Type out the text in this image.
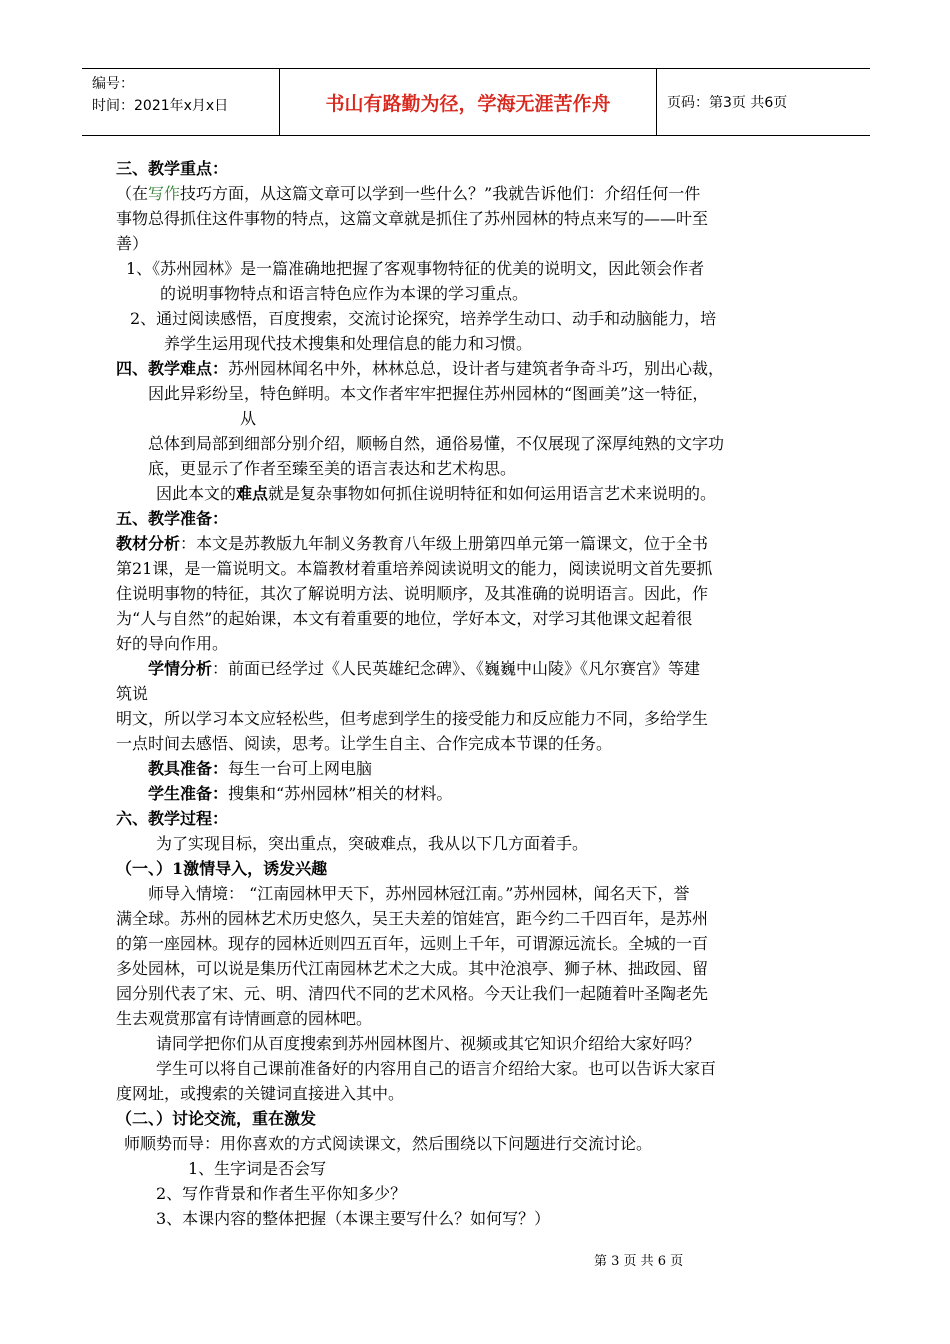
编号：
时间：2021年x月x日	书山有路勤为径，学海无涯苦作舟	页码：第3页 共6页

三、教学重点：

（在写作技巧方面，从这篇文章可以学到一些什么？”我就告诉他们：介绍任何一件

事物总得抓住这件事物的特点，这篇文章就是抓住了苏州园林的特点来写的——叶至

善）

1、《苏州园林》是一篇准确地把握了客观事物特征的优美的说明文，因此领会作者
的说明事物特点和语言特色应作为本课的学习重点。

2、通过阅读感悟，百度搜索，交流讨论探究，培养学生动口、动手和动脑能力，培
养学生运用现代技术搜集和处理信息的能力和习惯。

四、教学难点：苏州园林闻名中外，林林总总，设计者与建筑者争奇斗巧，别出心裁，

因此异彩纷呈，特色鲜明。本文作者牢牢把握住苏州园林的“图画美”这一特征，

从

总体到局部到细部分别介绍，顺畅自然，通俗易懂，不仅展现了深厚纯熟的文字功

底，更显示了作者至臻至美的语言表达和艺术构思。

因此本文的难点就是复杂事物如何抓住说明特征和如何运用语言艺术来说明的。

五、教学准备：

教材分析：本文是苏教版九年制义务教育八年级上册第四单元第一篇课文，位于全书

第21课，是一篇说明文。本篇教材着重培养阅读说明文的能力，阅读说明文首先要抓

住说明事物的特征，其次了解说明方法、说明顺序，及其准确的说明语言。因此，作

为“人与自然”的起始课，本文有着重要的地位，学好本文，对学习其他课文起着很

好的导向作用。

学情分析：前面已经学过《人民英雄纪念碑》、《巍巍中山陵》《凡尔赛宫》等建

筑说

明文，所以学习本文应轻松些，但考虑到学生的接受能力和反应能力不同，多给学生

一点时间去感悟、阅读，思考。让学生自主、合作完成本节课的任务。

教具准备：每生一台可上网电脑

学生准备：搜集和“苏州园林”相关的材料。

六、教学过程：

为了实现目标，突出重点，突破难点，我从以下几方面着手。

（一、）1激情导入，诱发兴趣

师导入情境： “江南园林甲天下，苏州园林冠江南。”苏州园林，闻名天下，誉

满全球。苏州的园林艺术历史悠久，吴王夫差的馆娃宫，距今约二千四百年，是苏州

的第一座园林。现存的园林近则四五百年，远则上千年，可谓源远流长。全城的一百

多处园林，可以说是集历代江南园林艺术之大成。其中沧浪亭、狮子林、拙政园、留

园分别代表了宋、元、明、清四代不同的艺术风格。今天让我们一起随着叶圣陶老先

生去观赏那富有诗情画意的园林吧。

请同学把你们从百度搜索到苏州园林图片、视频或其它知识介绍给大家好吗？

学生可以将自己课前准备好的内容用自己的语言介绍给大家。也可以告诉大家百

度网址，或搜索的关键词直接进入其中。

（二、）讨论交流，重在激发

师顺势而导：用你喜欢的方式阅读课文，然后围绕以下问题进行交流讨论。

1、生字词是否会写

2、写作背景和作者生平你知多少？

3、本课内容的整体把握（本课主要写什么？如何写？）

第 3 页 共 6 页
